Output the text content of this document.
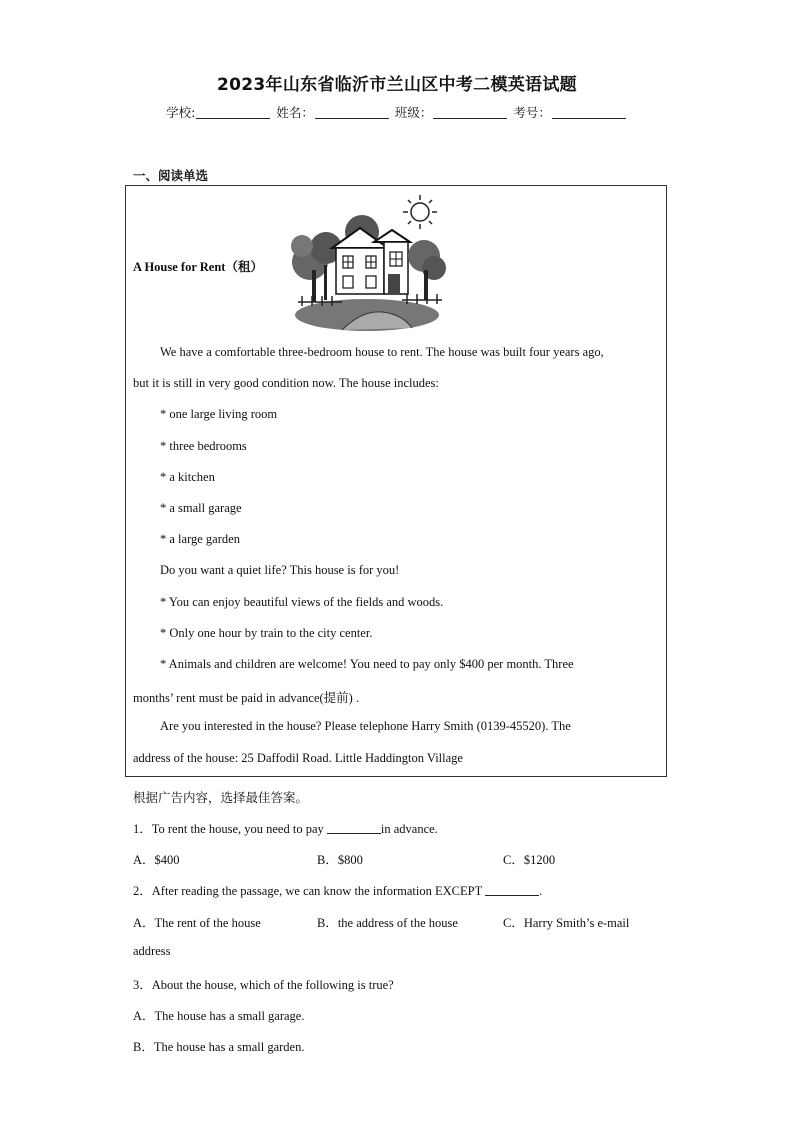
2023年山东省临沂市兰山区中考二模英语试题
学校:	姓名：	班级：	考号：
一、阅读单选
A House for Rent（租）
We have a comfortable three-bedroom house to rent. The house was built four years ago,
but it is still in very good condition now. The house includes:
* one large living room
* three bedrooms
* a kitchen
* a small garage
* a large garden
Do you want a quiet life? This house is for you!
* You can enjoy beautiful views of the fields and woods.
* Only one hour by train to the city center.
* Animals and children are welcome! You need to pay only $400 per month. Three
months’ rent must be paid in advance(提前) .
Are you interested in the house? Please telephone Harry Smith (0139-45520). The
address of the house: 25 Daffodil Road. Little Haddington Village
根据广告内容，选择最佳答案。
1．To rent the house, you need to pay	in advance.
A．$400	B．$800	C．$1200
2．After reading the passage, we can know the information EXCEPT	.
A．The rent of the house	B．the address of the house	C．Harry Smith’s e-mail
address
3．About the house, which of the following is true?
A．The house has a small garage.
B．The house has a small garden.
